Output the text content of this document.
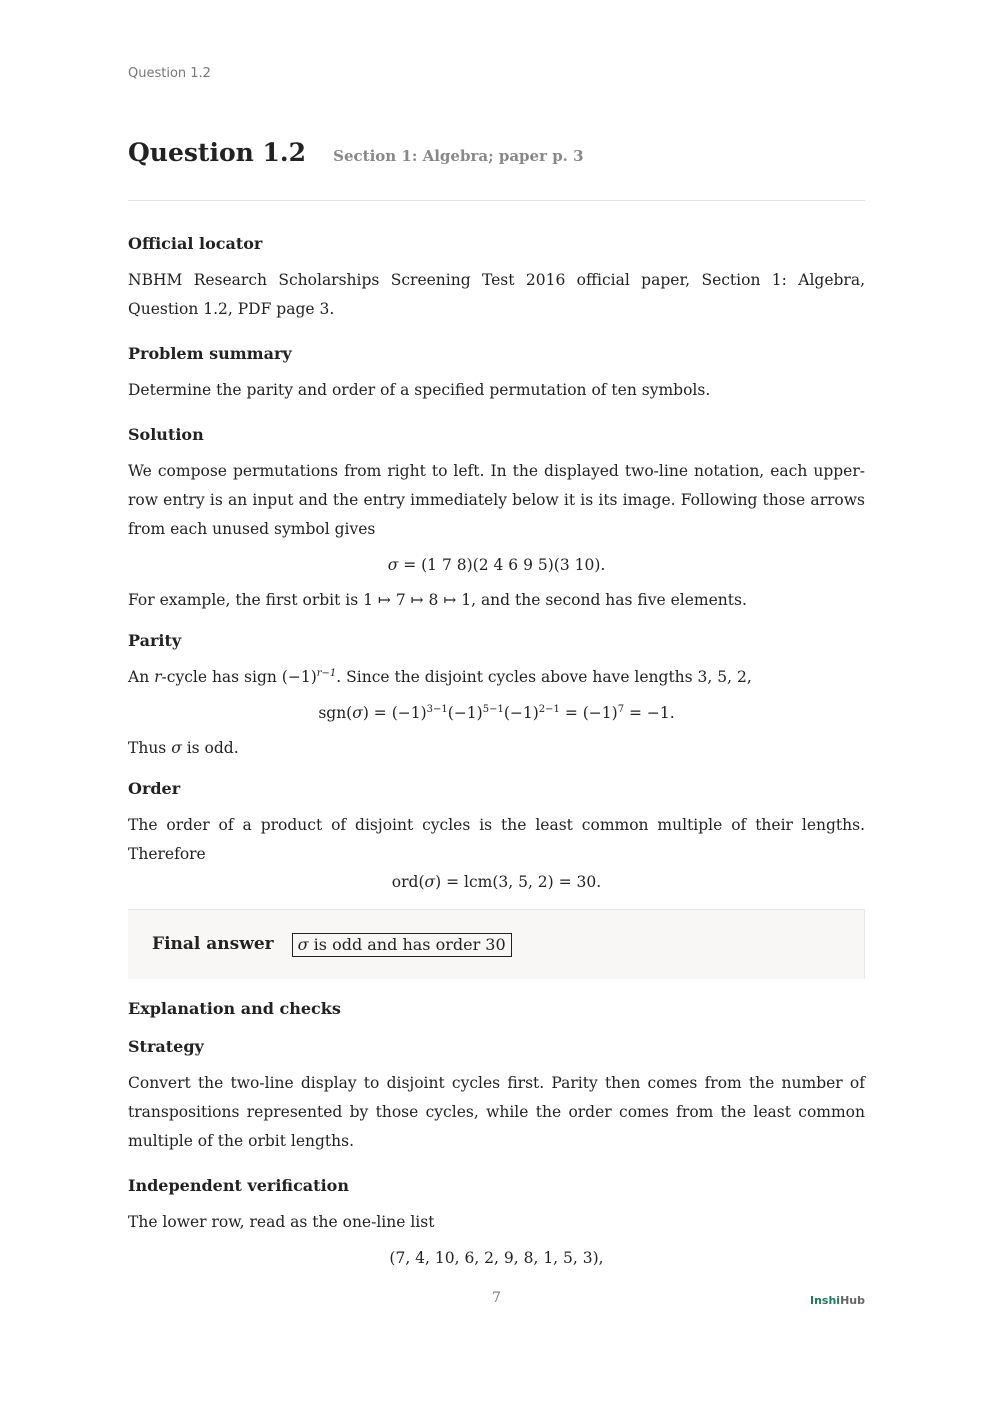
Question 1.2
Question 1.2 Section 1: Algebra; paper p. 3
Official locator

NBHM Research Scholarships Screening Test 2016 official paper, Section 1: Algebra, Question 1.2, PDF page 3.

Problem summary

Determine the parity and order of a specified permutation of ten symbols.

Solution

We compose permutations from right to left. In the displayed two-line notation, each upper-row entry is an input and the entry immediately below it is its image. Following those arrows from each unused symbol gives

σ = (1 7 8)(2 4 6 9 5)(3 10).

For example, the first orbit is 1 ↦ 7 ↦ 8 ↦ 1, and the second has five elements.

Parity

An r-cycle has sign $(-1)^{r-1}$. Since the disjoint cycles above have lengths 3, 5, 2,

$sgn(\sigma) = (-1)^{3-1}(-1)^{5-1}(-1)^{2-1} = (-1)^7 = -1$.

Thus σ is odd.

Order

The order of a product of disjoint cycles is the least common multiple of their lengths. Therefore

ord(σ) = lcm(3, 5, 2) = 30.
Final answer	σ is odd and has order 30
Explanation and checks
Strategy

Convert the two-line display to disjoint cycles first. Parity then comes from the number of transpositions represented by those cycles, while the order comes from the least common multiple of the orbit lengths.

Independent verification

The lower row, read as the one-line list

(7, 4, 10, 6, 2, 9, 8, 1, 5, 3),
7	InshiHub
